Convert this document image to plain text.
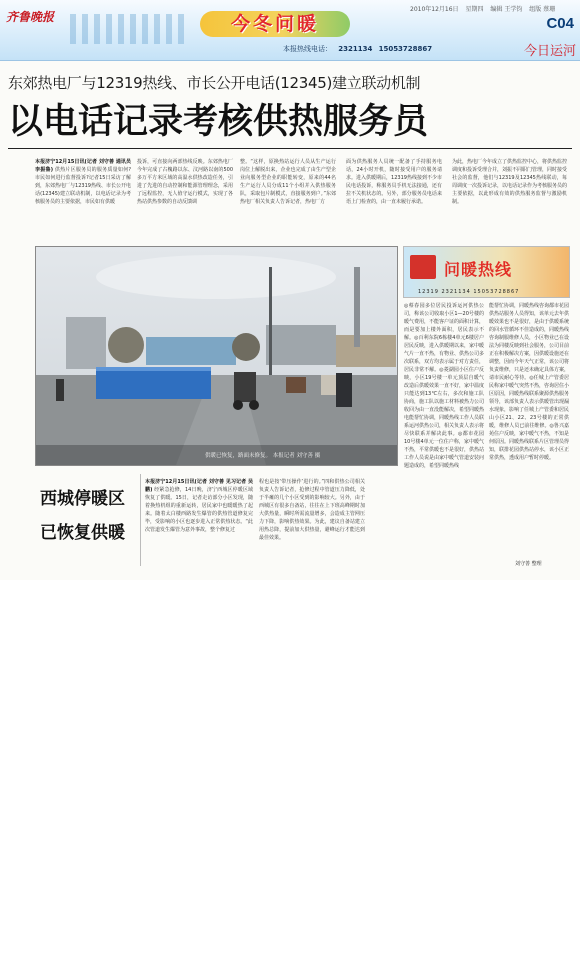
齐鲁晚报
2010年12月16日 星期四 编辑 王学钧 组版 蔡珊
C04
今冬问暖
本报热线电话： 2321134 15053728867	今日运河
东郊热电厂与12319热线、市长公开电话(12345)建立联动机制
以电话记录考核供热服务员
本报济宁12月15日讯(记者 刘守善 通讯员 李振鲁) 供热片区服务员的服务质量如何?市民如何进行监督投诉?记者15日采访了解到，东郊热电厂与12319热线、市长公开电话(12345)建立联动机制，以电话记录为考核服务员的主要依据，市民如有供暖
投诉，可直接向两部热线反映。东郊热电厂今年完成了古槐路以东、汶河路以南的500多万平方米区域的高温水供热改造任务，引进了先进的自动控制和能源管理理念，采用了远程监控，无人值守运行模式，实现了各热站供热参数的自动反馈调
整。“这样，原换热站运行人员从生产运行岗位上解脱出来，企业也完成了由生产型企业向服务型企业的职能转变，原来的44名生产运行人员分成11个小组并入供热服务队，采取包片制模式，直接服务到户。”东郊热电厂相关负责人告诉记者，热电厂方
面为供热服务人员统一配备了手持服务电话，24小时开机，随时接受用户的服务请求。进入供暖期后，12319热线接到不少市民电话投诉，称服务员手机无法接通，还有拉不关机状态的。另外，部分服务员电话来语上门检查的，由一直未履行承诺。
为此，热电厂今年成立了供热监控中心，将供热监控调度和投诉受理合并，刘振不同职门管理，同时接受社会的监督，他们与12319及12345热线联动，每周调度一次投诉记录，以电话记录作为考核服务员的主要依据，以此形成有效的供热服务监督与激励机制。
供暖已恢复，路面未修复。 本报记者 刘守善 摄
西城停暖区
已恢复供暖
本报济宁12月15日讯(记者 刘守善 见习记者 吴鹏) 经紧急抢修，14日晚，济宁西城区停暖区域恢复了供暖。15日，记者走访部分小区发现，随着换热机组的重新运转，居民家中也暖暖热了起来。随着太白楼西路发生爆管的供热管道修复完毕，受影响的小区也逐步进入正常供热状态。“此次管道发生爆管为意外事故，整个修复过
程也是按‘带压操作’进行的。”四和供热公司相关负责人告诉记者，抢修过程中管道压力降低，处于半瘫的几个小区受到的影响较大。另外，由于西城区有很多自备站，往往在上下班高峰期时加大供热量，瞬时所需流量增多，会造成主管网压力下降，影响供热效果。为此，建议自备站建立用热总降，提前加大供热量，避峰运行才能达到最佳效果。
问暖热线
12319 2321134 15053728867
◎蔡春园多位居民投诉运河供热公司，称该公司收取小区1—20号楼的暖气费用，不能客户证的面积计算，而是要加上楼外面积，居民表示不解。◎百利东院6栋楼4单元6楼居户居民反映，进入供暖期以来，家中暖气片一直不热，有物业、供热公司多次联系，双方均表示属于对方责任，居民非常不解。◎菱湖园小区住户反映，小区19号楼一单元顶层自暖气改造后供暖效果一直不好，家中温度只能达到13℃左右，多次和施工队协商，施工队以施工材料被热力公司收回为由一直没能解决，希望同暖热电能帮忙协调，同暖热线工作人员联系运河供热公司，相关负责人表示将尽快联系并解决此事。◎都市花园10号楼4单元一位住户称，家中暖气不热，平常供暖也不是很好，供热站工作人员说是由家中暖气管道安装问题造成的，希望同暖热线
能帮忙协调，同暖热线咨询都市花园供热站服务人员得知，该单元去年供暖效果也不是很好，是由于供暖系统的回水管循环不佳造成的，同暖热线咨询制服维修人员，小区物业已在设法为同楼反映到社会服务，公司目前正在积极解决方案，因供暖设施还在调整，因而今年天气正常，该公司将负责维修，只是还未确定具体方案，请市民耐心等待。◎任城上产管委居民称家中暖气突然不热，咨询居住小区原因，同暖热线联系聚源供热服务领导，该部负责人表示供暖管出现漏水现象，影响了任城上产管委和居民山小区21、22、23号楼的正常供暖，维修人员已前往维修。◎鲁兴嘉苑住户反映，家中暖气不热，不知是何原因。同暖热线联系片区管理员得知，联排花园供热站停水，该小区正常供热，透成用户暂时停暖。
刘守善 整理
